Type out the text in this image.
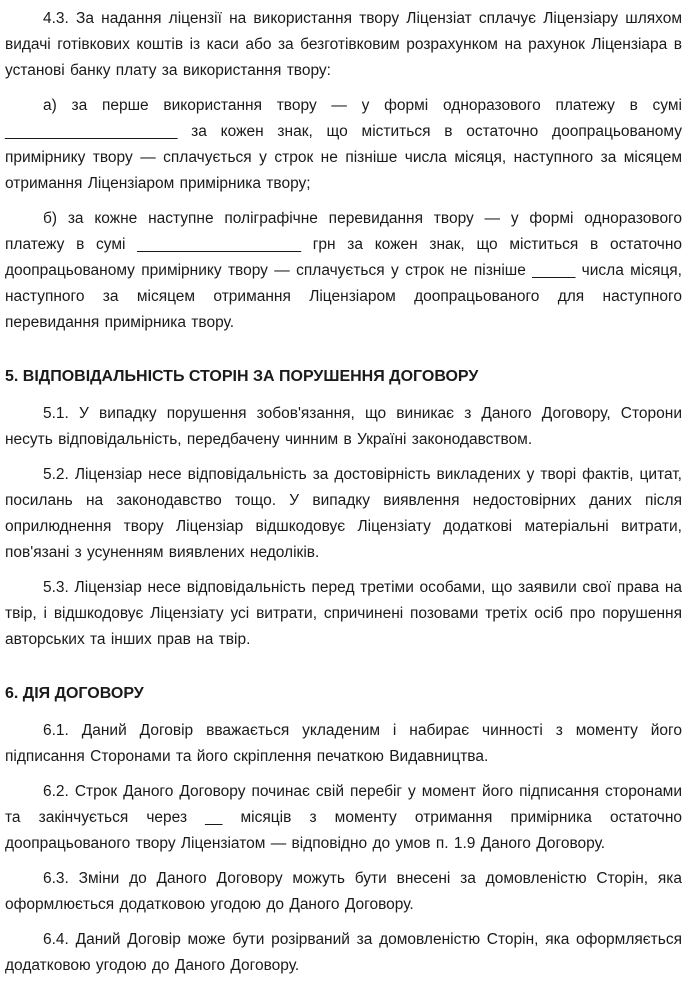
4.3. За надання ліцензії на використання твору Ліцензіат сплачує Ліцензіару шляхом видачі готівкових коштів із каси або за безготівковим розрахунком на рахунок Ліцензіара в установі банку плату за використання твору:

а) за перше використання твору — у формі одноразового платежу в сумі ____________________ за кожен знак, що міститься в остаточно доопрацьованому примірнику твору — сплачується у строк не пізніше числа місяця, наступного за місяцем отримання Ліцензіаром примірника твору;

б) за кожне наступне поліграфічне перевидання твору — у формі одноразового платежу в сумі ___________________ грн за кожен знак, що міститься в остаточно доопрацьованому примірнику твору — сплачується у строк не пізніше _____ числа місяця, наступного за місяцем отримання Ліцензіаром доопрацьованого для наступного перевидання примірника твору.

5. ВІДПОВІДАЛЬНІСТЬ СТОРІН ЗА ПОРУШЕННЯ ДОГОВОРУ

5.1. У випадку порушення зобов'язання, що виникає з Даного Договору, Сторони несуть відповідальність, передбачену чинним в Україні законодавством.

5.2. Ліцензіар несе відповідальність за достовірність викладених у творі фактів, цитат, посилань на законодавство тощо. У випадку виявлення недостовірних даних після оприлюднення твору Ліцензіар відшкодовує Ліцензіату додаткові матеріальні витрати, пов'язані з усуненням виявлених недоліків.

5.3. Ліцензіар несе відповідальність перед третіми особами, що заявили свої права на твір, і відшкодовує Ліцензіату усі витрати, спричинені позовами третіх осіб про порушення авторських та інших прав на твір.

6. ДІЯ ДОГОВОРУ

6.1. Даний Договір вважається укладеним і набирає чинності з моменту його підписання Сторонами та його скріплення печаткою Видавництва.

6.2. Строк Даного Договору починає свій перебіг у момент його підписання сторонами та закінчується через __ місяців з моменту отримання примірника остаточно доопрацьованого твору Ліцензіатом — відповідно до умов п. 1.9 Даного Договору.

6.3. Зміни до Даного Договору можуть бути внесені за домовленістю Сторін, яка оформлюється додатковою угодою до Даного Договору.

6.4. Даний Договір може бути розірваний за домовленістю Сторін, яка оформляється додатковою угодою до Даного Договору.
